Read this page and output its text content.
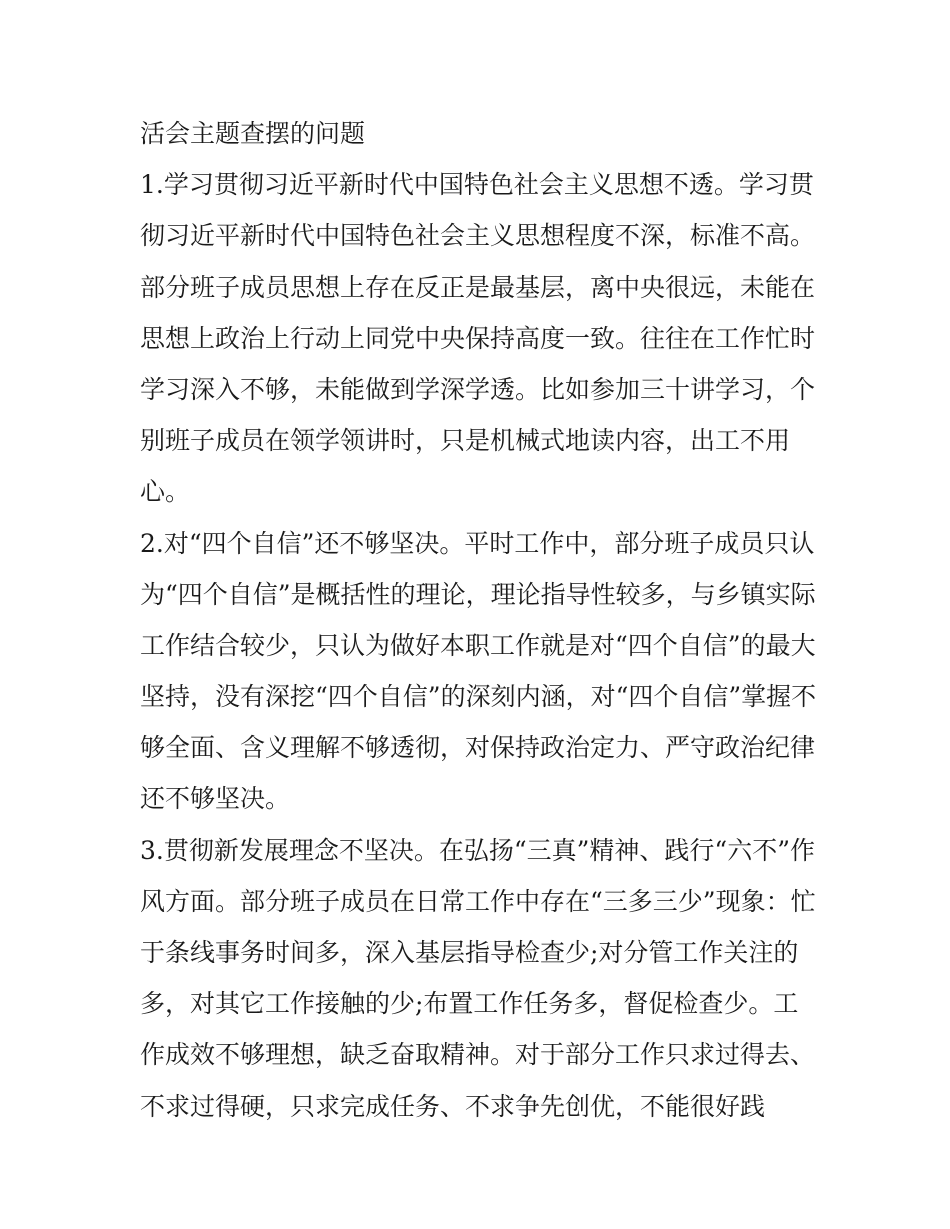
活会主题查摆的问题
1.学习贯彻习近平新时代中国特色社会主义思想不透。学习贯
彻习近平新时代中国特色社会主义思想程度不深，标准不高。
部分班子成员思想上存在反正是最基层，离中央很远，未能在
思想上政治上行动上同党中央保持高度一致。往往在工作忙时
学习深入不够，未能做到学深学透。比如参加三十讲学习，个
别班子成员在领学领讲时，只是机械式地读内容，出工不用
心。
2.对“四个自信”还不够坚决。平时工作中，部分班子成员只认
为“四个自信”是概括性的理论，理论指导性较多，与乡镇实际
工作结合较少，只认为做好本职工作就是对“四个自信”的最大
坚持，没有深挖“四个自信”的深刻内涵，对“四个自信”掌握不
够全面、含义理解不够透彻，对保持政治定力、严守政治纪律
还不够坚决。
3.贯彻新发展理念不坚决。在弘扬“三真”精神、践行“六不”作
风方面。部分班子成员在日常工作中存在“三多三少”现象：忙
于条线事务时间多，深入基层指导检查少;对分管工作关注的
多，对其它工作接触的少;布置工作任务多，督促检查少。工
作成效不够理想，缺乏奋取精神。对于部分工作只求过得去、
不求过得硬，只求完成任务、不求争先创优，不能很好践
